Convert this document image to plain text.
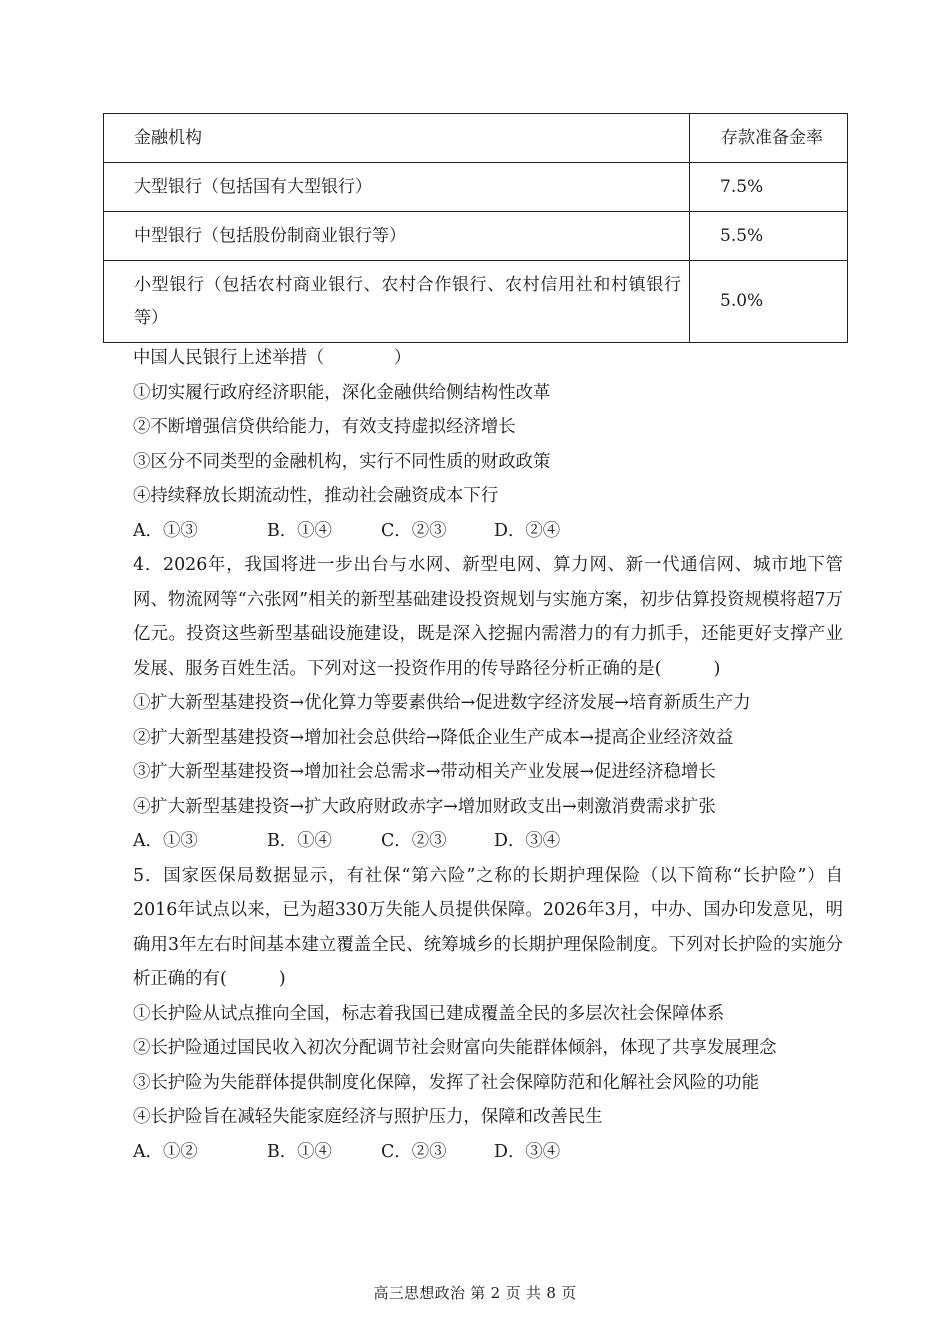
金融机构	存款准备金率
大型银行（包括国有大型银行）	7.5%
中型银行（包括股份制商业银行等）	5.5%
小型银行（包括农村商业银行、农村合作银行、农村信用社和村镇银行等）	5.0%
中国人民银行上述举措（　　　　）
①切实履行政府经济职能，深化金融供给侧结构性改革
②不断增强信贷供给能力，有效支持虚拟经济增长
③区分不同类型的金融机构，实行不同性质的财政政策
④持续释放长期流动性，推动社会融资成本下行
A．①③	B．①④	C．②③	D．②④
4．2026年，我国将进一步出台与水网、新型电网、算力网、新一代通信网、城市地下管网、物流网等“六张网”相关的新型基础建设投资规划与实施方案，初步估算投资规模将超7万亿元。投资这些新型基础设施建设，既是深入挖掘内需潜力的有力抓手，还能更好支撑产业发展、服务百姓生活。下列对这一投资作用的传导路径分析正确的是(　　　)
①扩大新型基建投资→优化算力等要素供给→促进数字经济发展→培育新质生产力
②扩大新型基建投资→增加社会总供给→降低企业生产成本→提高企业经济效益
③扩大新型基建投资→增加社会总需求→带动相关产业发展→促进经济稳增长
④扩大新型基建投资→扩大政府财政赤字→增加财政支出→刺激消费需求扩张
A．①③	B．①④	C．②③	D．③④
5．国家医保局数据显示，有社保“第六险”之称的长期护理保险（以下简称“长护险”）自2016年试点以来，已为超330万失能人员提供保障。2026年3月，中办、国办印发意见，明确用3年左右时间基本建立覆盖全民、统筹城乡的长期护理保险制度。下列对长护险的实施分析正确的有(　　　)
①长护险从试点推向全国，标志着我国已建成覆盖全民的多层次社会保障体系
②长护险通过国民收入初次分配调节社会财富向失能群体倾斜，体现了共享发展理念
③长护险为失能群体提供制度化保障，发挥了社会保障防范和化解社会风险的功能
④长护险旨在减轻失能家庭经济与照护压力，保障和改善民生
A．①②	B．①④	C．②③	D．③④
高三思想政治 第 2 页 共 8 页
